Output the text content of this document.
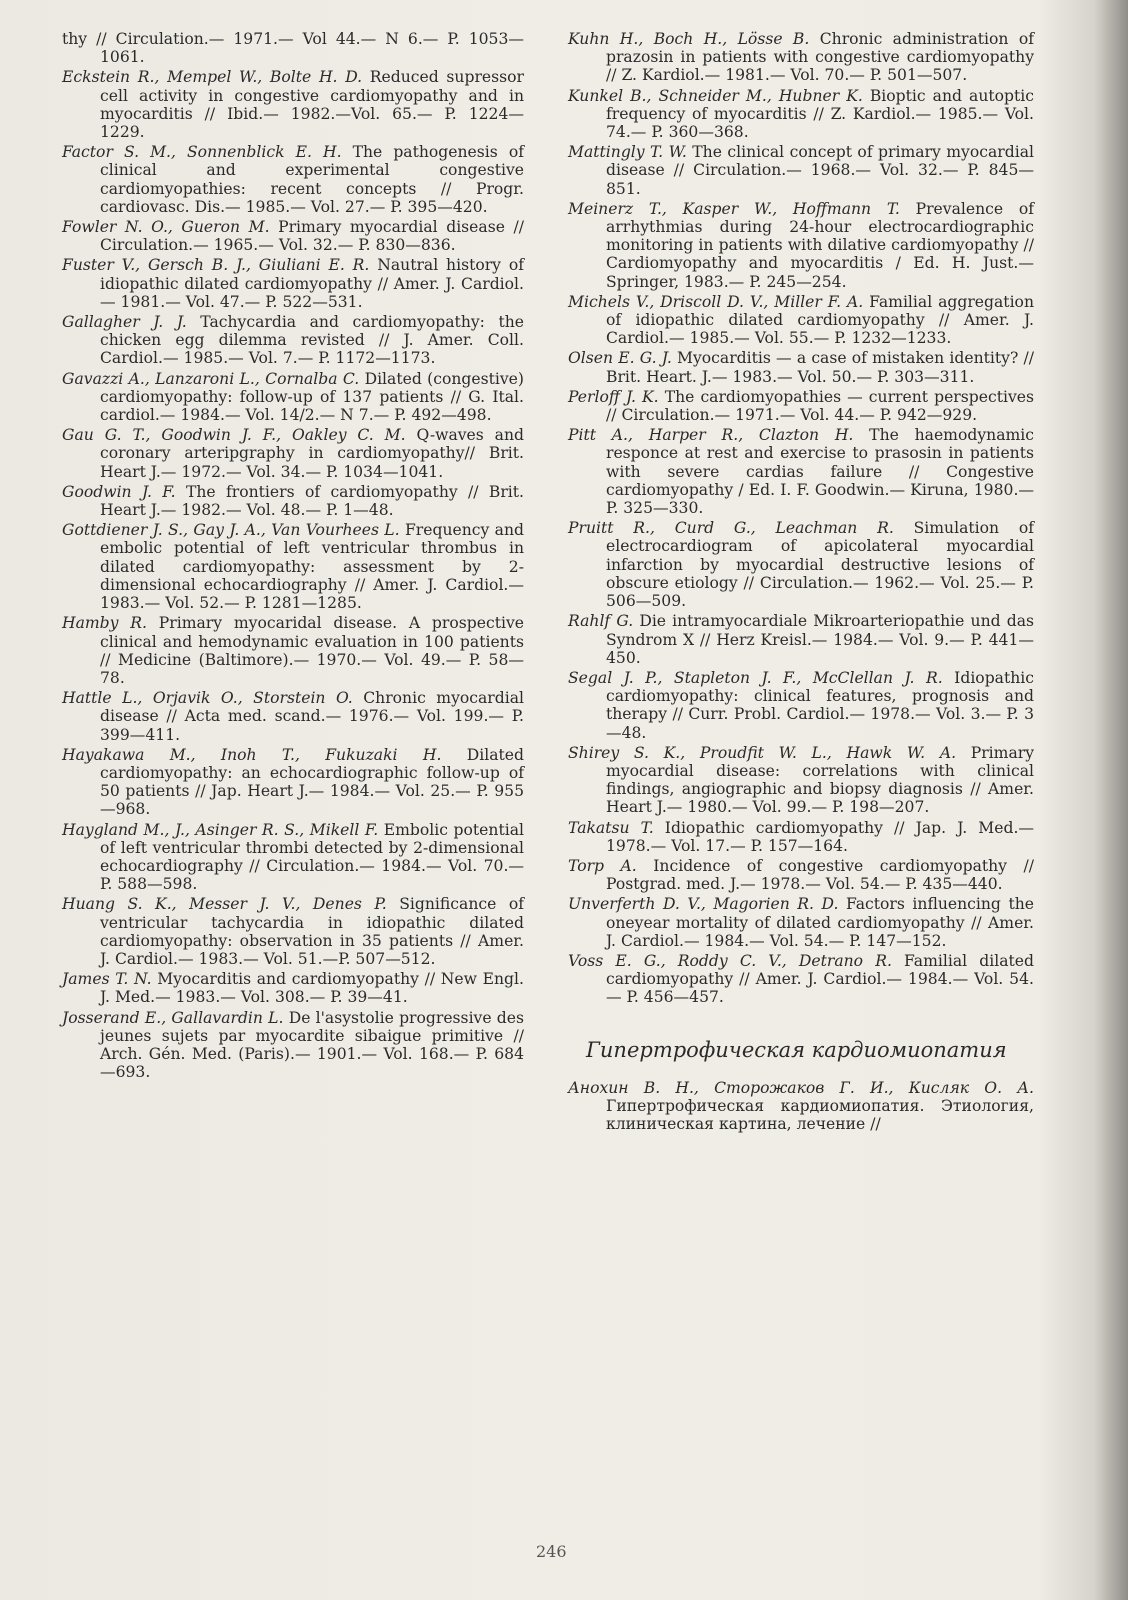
thy // Circulation.— 1971.— Vol 44.— N 6.— P. 1053—1061.

Eckstein R., Mempel W., Bolte H. D. Reduced supressor cell activity in congestive cardiomyopathy and in myocarditis // Ibid.— 1982.—Vol. 65.— P. 1224—1229.

Factor S. M., Sonnenblick E. H. The pathogenesis of clinical and experimental congestive cardiomyopathies: recent concepts // Progr. cardiovasc. Dis.— 1985.— Vol. 27.— P. 395—420.

Fowler N. O., Gueron M. Primary myocardial disease // Circulation.— 1965.— Vol. 32.— P. 830—836.

Fuster V., Gersch B. J., Giuliani E. R. Nautral history of idiopathic dilated cardiomyopathy // Amer. J. Cardiol.— 1981.— Vol. 47.— P. 522—531.

Gallagher J. J. Tachycardia and cardiomyopathy: the chicken egg dilemma revisted // J. Amer. Coll. Cardiol.— 1985.— Vol. 7.— P. 1172—1173.

Gavazzi A., Lanzaroni L., Cornalba C. Dilated (congestive) cardiomyopathy: follow-up of 137 patients // G. Ital. cardiol.— 1984.— Vol. 14/2.— N 7.— P. 492—498.

Gau G. T., Goodwin J. F., Oakley C. M. Q-waves and coronary arteripgraphy in cardiomyopathy// Brit. Heart J.— 1972.— Vol. 34.— P. 1034—1041.

Goodwin J. F. The frontiers of cardiomyopathy // Brit. Heart J.— 1982.— Vol. 48.— P. 1—48.

Gottdiener J. S., Gay J. A., Van Vourhees L. Frequency and embolic potential of left ventricular thrombus in dilated cardiomyopathy: assessment by 2-dimensional echocardiography // Amer. J. Cardiol.— 1983.— Vol. 52.— P. 1281—1285.

Hamby R. Primary myocaridal disease. A prospective clinical and hemodynamic evaluation in 100 patients // Medicine (Baltimore).— 1970.— Vol. 49.— P. 58—78.

Hattle L., Orjavik O., Storstein O. Chronic myocardial disease // Acta med. scand.— 1976.— Vol. 199.— P. 399—411.

Hayakawa M., Inoh T., Fukuzaki H. Dilated cardiomyopathy: an echocardiographic follow-up of 50 patients // Jap. Heart J.— 1984.— Vol. 25.— P. 955—968.

Haygland M., J., Asinger R. S., Mikell F. Embolic potential of left ventricular thrombi detected by 2-dimensional echocardiography // Circulation.— 1984.— Vol. 70.— P. 588—598.

Huang S. K., Messer J. V., Denes P. Significance of ventricular tachycardia in idiopathic dilated cardiomyopathy: observation in 35 patients // Amer. J. Cardiol.— 1983.— Vol. 51.—P. 507—512.

James T. N. Myocarditis and cardiomyopathy // New Engl. J. Med.— 1983.— Vol. 308.— P. 39—41.

Josserand E., Gallavardin L. De l'asystolie progressive des jeunes sujets par myocardite sibaigue primitive // Arch. Gén. Med. (Paris).— 1901.— Vol. 168.— P. 684—693.

Kuhn H., Boch H., Lösse B. Chronic administration of prazosin in patients with congestive cardiomyopathy // Z. Kardiol.— 1981.— Vol. 70.— P. 501—507.

Kunkel B., Schneider M., Hubner K. Bioptic and autoptic frequency of myocarditis // Z. Kardiol.— 1985.— Vol. 74.— P. 360—368.

Mattingly T. W. The clinical concept of primary myocardial disease // Circulation.— 1968.— Vol. 32.— P. 845—851.

Meinerz T., Kasper W., Hoffmann T. Prevalence of arrhythmias during 24-hour electrocardiographic monitoring in patients with dilative cardiomyopathy // Cardiomyopathy and myocarditis / Ed. H. Just.— Springer, 1983.— P. 245—254.

Michels V., Driscoll D. V., Miller F. A. Familial aggregation of idiopathic dilated cardiomyopathy // Amer. J. Cardiol.— 1985.— Vol. 55.— P. 1232—1233.

Olsen E. G. J. Myocarditis — a case of mistaken identity? // Brit. Heart. J.— 1983.— Vol. 50.— P. 303—311.

Perloff J. K. The cardiomyopathies — current perspectives // Circulation.— 1971.— Vol. 44.— P. 942—929.

Pitt A., Harper R., Clazton H. The haemodynamic responce at rest and exercise to prasosin in patients with severe cardias failure // Congestive cardiomyopathy / Ed. I. F. Goodwin.— Kiruna, 1980.— P. 325—330.

Pruitt R., Curd G., Leachman R. Simulation of electrocardiogram of apicolateral myocardial infarction by myocardial destructive lesions of obscure etiology // Circulation.— 1962.— Vol. 25.— P. 506—509.

Rahlf G. Die intramyocardiale Mikroarteriopathie und das Syndrom X // Herz Kreisl.— 1984.— Vol. 9.— P. 441—450.

Segal J. P., Stapleton J. F., McClellan J. R. Idiopathic cardiomyopathy: clinical features, prognosis and therapy // Curr. Probl. Cardiol.— 1978.— Vol. 3.— P. 3—48.

Shirey S. K., Proudfit W. L., Hawk W. A. Primary myocardial disease: correlations with clinical findings, angiographic and biopsy diagnosis // Amer. Heart J.— 1980.— Vol. 99.— P. 198—207.

Takatsu T. Idiopathic cardiomyopathy // Jap. J. Med.— 1978.— Vol. 17.— P. 157—164.

Torp A. Incidence of congestive cardiomyopathy // Postgrad. med. J.— 1978.— Vol. 54.— P. 435—440.

Unverferth D. V., Magorien R. D. Factors influencing the oneyear mortality of dilated cardiomyopathy // Amer. J. Cardiol.— 1984.— Vol. 54.— P. 147—152.

Voss E. G., Roddy C. V., Detrano R. Familial dilated cardiomyopathy // Amer. J. Cardiol.— 1984.— Vol. 54.— P. 456—457.

Гипертрофическая кардиомиопатия

Анохин В. Н., Сторожаков Г. И., Кисляк О. А. Гипертрофическая кардиомиопатия. Этиология, клиническая картина, лечение //

246
